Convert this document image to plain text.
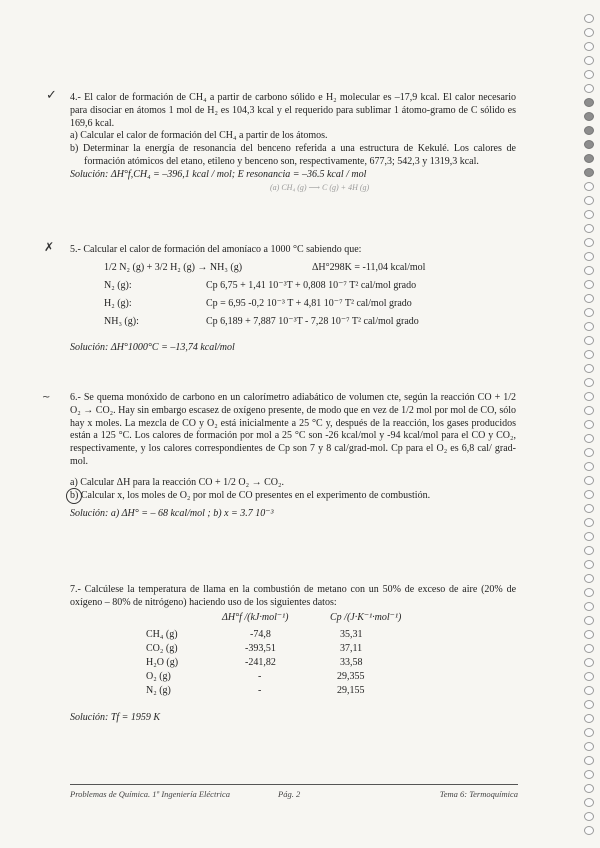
✓ 4.- El calor de formación de CH₄ a partir de carbono sólido e H₂ molecular es –17,9 kcal. El calor necesario para disociar en átomos 1 mol de H₂ es 104,3 kcal y el requerido para sublimar 1 átomo-gramo de C sólido es 169,6 kcal.

a) Calcular el calor de formación del CH₄ a partir de los átomos.

b) Determinar la energía de resonancia del benceno referida a una estructura de Kekulé. Los calores de formación atómicos del etano, etileno y benceno son, respectivamente, 677,3; 542,3 y 1319,3 kcal.

(a) CH₄ (g) ⟶ C (g) + 4H (g)

Solución: ΔH°f,CH₄ = –396,1 kcal / mol; E resonancia = –36.5 kcal / mol

✗ 5.- Calcular el calor de formación del amoníaco a 1000 °C sabiendo que:

1/2 N₂ (g) + 3/2 H₂ (g) → NH₃ (g)	ΔH°298K = -11,04 kcal/mol
N₂ (g):	Cp 6,75 + 1,41 10⁻³T + 0,808 10⁻⁷ T² cal/mol grado
H₂ (g):	Cp = 6,95 -0,2 10⁻³ T + 4,81 10⁻⁷ T² cal/mol grado
NH₃ (g):	Cp 6,189 + 7,887 10⁻³T - 7,28 10⁻⁷ T² cal/mol grado
Solución: ΔH°1000°C = –13,74 kcal/mol
~ 6.- Se quema monóxido de carbono en un calorímetro adiabático de volumen cte, según la reacción CO + 1/2 O₂ → CO₂. Hay sin embargo escasez de oxígeno presente, de modo que en vez de 1/2 mol por mol de CO, sólo hay x moles. La mezcla de CO y O₂ está inicialmente a 25 °C y, después de la reacción, los gases producidos están a 125 °C. Los calores de formación por mol a 25 °C son -26 kcal/mol y -94 kcal/mol para el CO y CO₂, respectivamente, y los calores correspondientes de Cp son 7 y 8 cal/grad-mol. Cp para el O₂ es 6,8 cal/ grad-mol.

a) Calcular ΔH para la reacción CO + 1/2 O₂ → CO₂.

b) Calcular x, los moles de O₂ por mol de CO presentes en el experimento de combustión.

Solución: a) ΔH° = – 68 kcal/mol ; b) x = 3.7 10⁻³

7.- Calcúlese la temperatura de llama en la combustión de metano con un 50% de exceso de aire (20% de oxígeno – 80% de nitrógeno) haciendo uso de los siguientes datos:

ΔH°f /(kJ·mol⁻¹)	Cp /(J·K⁻¹·mol⁻¹)
CH₄ (g)	-74,8	35,31
CO₂ (g)	-393,51	37,11
H₂O (g)	-241,82	33,58
O₂ (g)	-	29,355
N₂ (g)	-	29,155
Solución: Tf = 1959 K
Problemas de Química. 1º Ingeniería Eléctrica	Pág. 2	Tema 6: Termoquímica
